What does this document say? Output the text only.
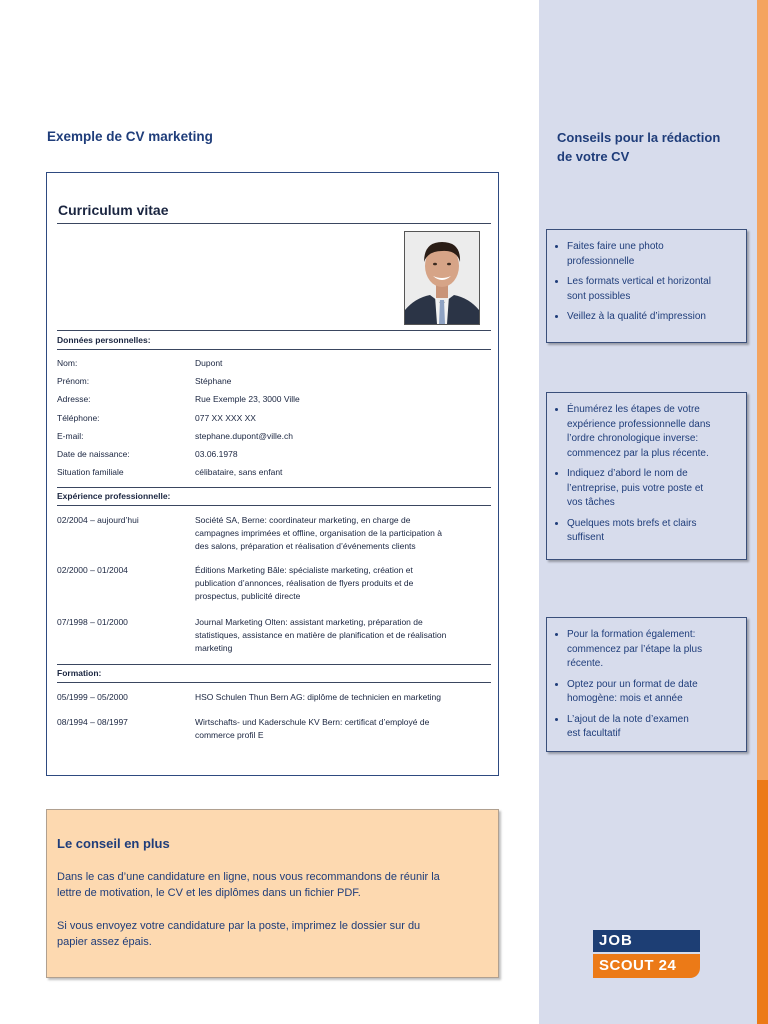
Exemple de CV marketing
Curriculum vitae
Données personnelles:
Nom:	Dupont
Prénom:	Stéphane
Adresse:	Rue Exemple 23, 3000 Ville
Téléphone:	077 XX XXX XX
E-mail:	stephane.dupont@ville.ch
Date de naissance:	03.06.1978
Situation familiale	célibataire, sans enfant
Expérience professionnelle:
02/2004 – aujourd’hui	Société SA, Berne: coordinateur marketing, en charge de
campagnes imprimées et offline, organisation de la participation à
des salons, préparation et réalisation d’événements clients
02/2000 – 01/2004	Éditions Marketing Bâle: spécialiste marketing, création et
publication d’annonces, réalisation de flyers produits et de
prospectus, publicité directe
07/1998 – 01/2000	Journal Marketing Olten: assistant marketing, préparation de
statistiques, assistance en matière de planification et de réalisation
marketing
Formation:
05/1999 – 05/2000	HSO Schulen Thun Bern AG: diplôme de technicien en marketing
08/1994 – 08/1997	Wirtschafts- und Kaderschule KV Bern: certificat d’employé de
commerce profil E
Le conseil en plus

Dans le cas d’une candidature en ligne, nous vous recommandons de réunir la
lettre de motivation, le CV et les diplômes dans un fichier PDF.

Si vous envoyez votre candidature par la poste, imprimez le dossier sur du
papier assez épais.

Conseils pour la rédaction
de votre CV
• Faites faire une photo
professionnelle
• Les formats vertical et horizontal
sont possibles
• Veillez à la qualité d’impression
• Énumérez les étapes de votre
expérience professionnelle dans
l’ordre chronologique inverse:
commencez par la plus récente.
• Indiquez d’abord le nom de
l’entreprise, puis votre poste et
vos tâches
• Quelques mots brefs et clairs
suffisent
• Pour la formation également:
commencez par l’étape la plus
récente.
• Optez pour un format de date
homogène: mois et année
• L’ajout de la note d’examen
est facultatif
JOB
SCOUT 24
